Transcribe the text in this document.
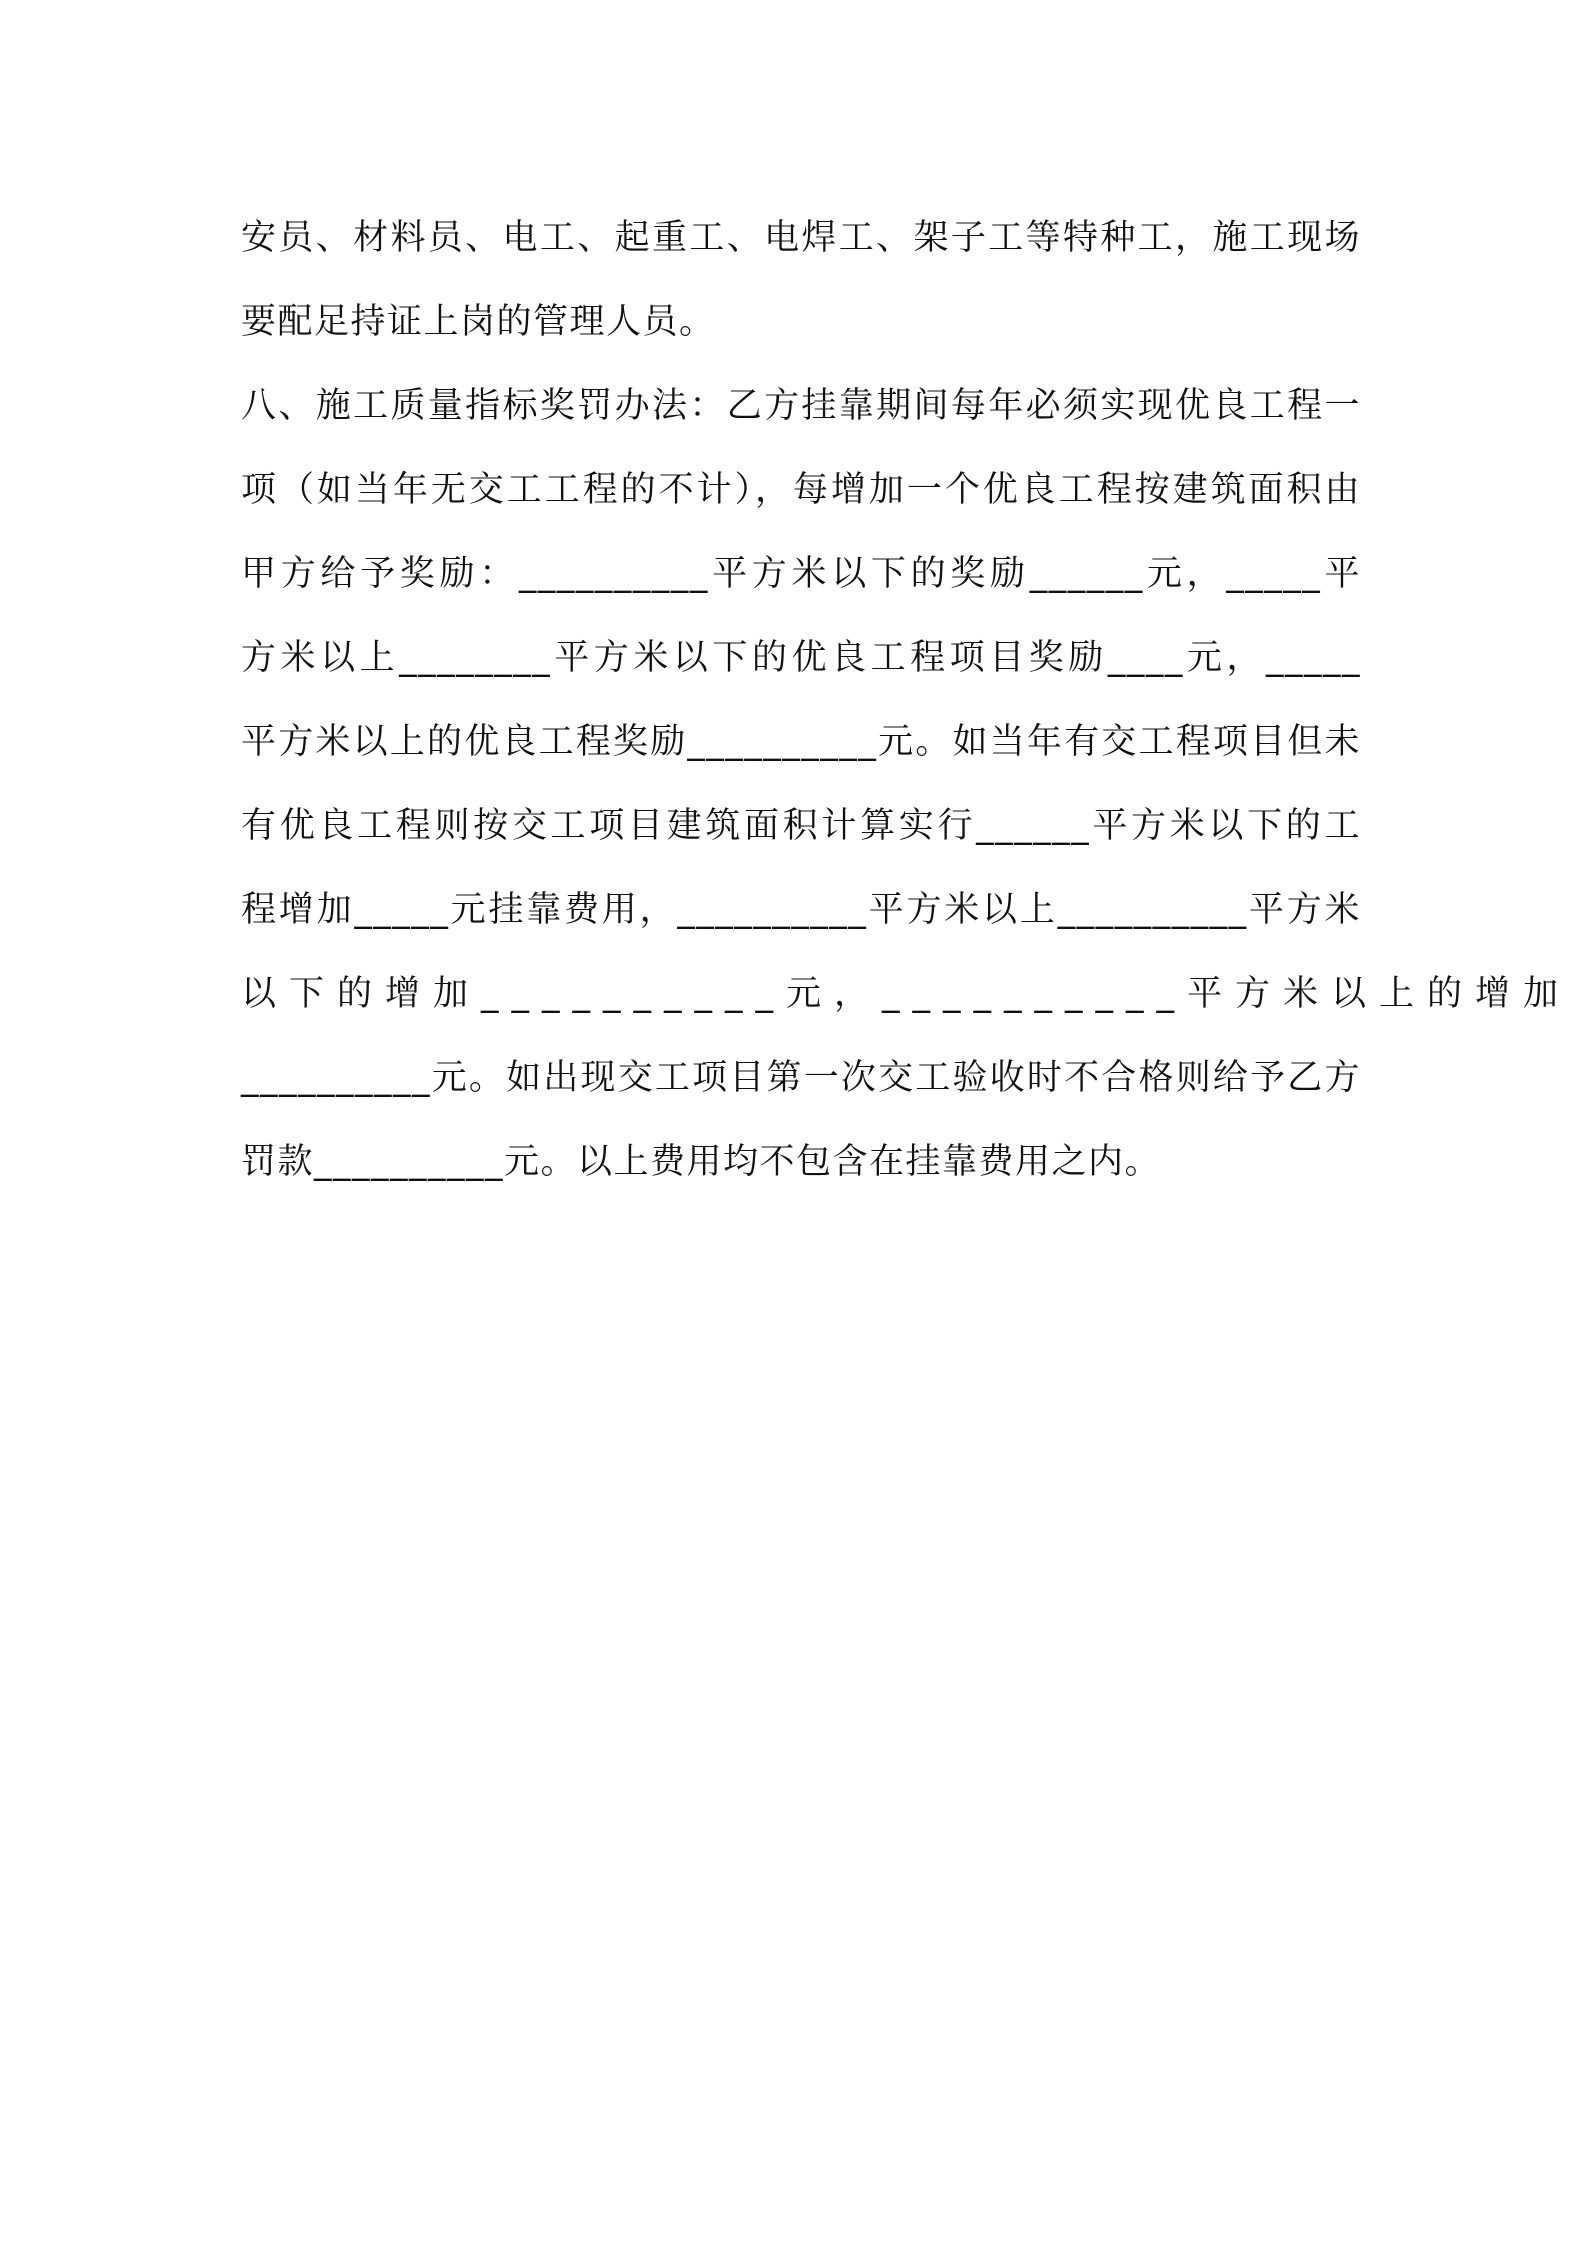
安员、材料员、电工、起重工、电焊工、架子工等特种工，施工现场
要配足持证上岗的管理人员。
八、施工质量指标奖罚办法：乙方挂靠期间每年必须实现优良工程一
项（如当年无交工工程的不计），每增加一个优良工程按建筑面积由
甲方给予奖励：__________平方米以下的奖励______元，_____平
方米以上________平方米以下的优良工程项目奖励____元，_____
平方米以上的优良工程奖励__________元。如当年有交工程项目但未
有优良工程则按交工项目建筑面积计算实行______平方米以下的工
程增加_____元挂靠费用，__________平方米以上__________平方米
以下的增加__________元，__________平方米以上的增加
__________元。如出现交工项目第一次交工验收时不合格则给予乙方
罚款__________元。以上费用均不包含在挂靠费用之内。
